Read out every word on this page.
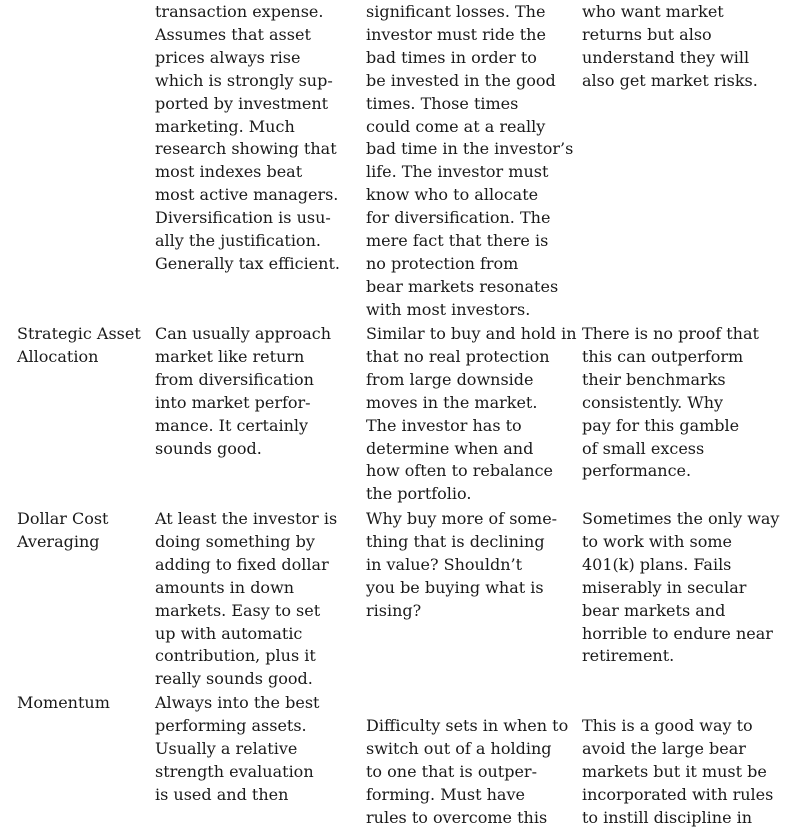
transaction expense.
Assumes that asset
prices always rise
which is strongly sup-
ported by investment
marketing. Much
research showing that
most indexes beat
most active managers.
Diversification is usu-
ally the justification.
Generally tax efficient.
significant losses. The
investor must ride the
bad times in order to
be invested in the good
times. Those times
could come at a really
bad time in the investor’s
life. The investor must
know who to allocate
for diversification. The
mere fact that there is
no protection from
bear markets resonates
with most investors.
who want market
returns but also
understand they will
also get market risks.
Strategic Asset
Allocation
Can usually approach
market like return
from diversification
into market perfor-
mance. It certainly
sounds good.
Similar to buy and hold in
that no real protection
from large downside
moves in the market.
The investor has to
determine when and
how often to rebalance
the portfolio.
There is no proof that
this can outperform
their benchmarks
consistently. Why
pay for this gamble
of small excess
performance.
Dollar Cost
Averaging
At least the investor is
doing something by
adding to fixed dollar
amounts in down
markets. Easy to set
up with automatic
contribution, plus it
really sounds good.
Why buy more of some-
thing that is declining
in value? Shouldn’t
you be buying what is
rising?
Sometimes the only way
to work with some
401(k) plans. Fails
miserably in secular
bear markets and
horrible to endure near
retirement.
Momentum	Always into the best
performing assets.
Usually a relative
strength evaluation
is used and then
Difficulty sets in when to
switch out of a holding
to one that is outper-
forming. Must have
rules to overcome this
This is a good way to
avoid the large bear
markets but it must be
incorporated with rules
to instill discipline in
